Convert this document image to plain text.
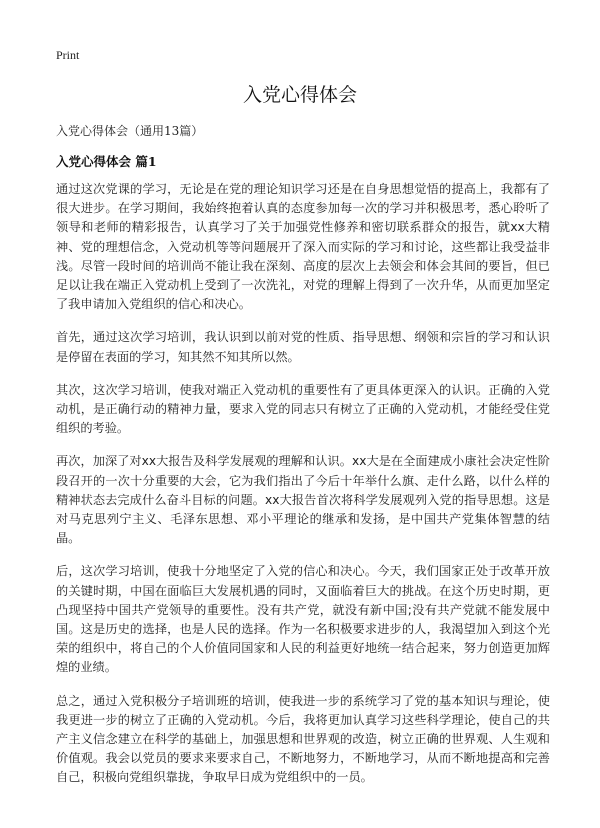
Print
入党心得体会
入党心得体会（通用13篇）
入党心得体会 篇1

通过这次党课的学习，无论是在党的理论知识学习还是在自身思想觉悟的提高上，我都有了很大进步。在学习期间，我始终抱着认真的态度参加每一次的学习并积极思考，悉心聆听了领导和老师的精彩报告，认真学习了关于加强党性修养和密切联系群众的报告，就xx大精神、党的理想信念，入党动机等等问题展开了深入而实际的学习和讨论，这些都让我受益非浅。尽管一段时间的培训尚不能让我在深刻、高度的层次上去领会和体会其间的要旨，但已足以让我在端正入党动机上受到了一次洗礼，对党的理解上得到了一次升华，从而更加坚定了我申请加入党组织的信心和决心。

首先，通过这次学习培训，我认识到以前对党的性质、指导思想、纲领和宗旨的学习和认识是停留在表面的学习，知其然不知其所以然。

其次，这次学习培训，使我对端正入党动机的重要性有了更具体更深入的认识。正确的入党动机，是正确行动的精神力量，要求入党的同志只有树立了正确的入党动机，才能经受住党组织的考验。

再次，加深了对xx大报告及科学发展观的理解和认识。xx大是在全面建成小康社会决定性阶段召开的一次十分重要的大会，它为我们指出了今后十年举什么旗、走什么路，以什么样的精神状态去完成什么奋斗目标的问题。xx大报告首次将科学发展观列入党的指导思想。这是对马克思列宁主义、毛泽东思想、邓小平理论的继承和发扬，是中国共产党集体智慧的结晶。

后，这次学习培训，使我十分地坚定了入党的信心和决心。今天，我们国家正处于改革开放的关键时期，中国在面临巨大发展机遇的同时，又面临着巨大的挑战。在这个历史时期，更凸现坚持中国共产党领导的重要性。没有共产党，就没有新中国;没有共产党就不能发展中国。这是历史的选择，也是人民的选择。作为一名积极要求进步的人，我渴望加入到这个光荣的组织中，将自己的个人价值同国家和人民的利益更好地统一结合起来，努力创造更加辉煌的业绩。

总之，通过入党积极分子培训班的培训，使我进一步的系统学习了党的基本知识与理论，使我更进一步的树立了正确的入党动机。今后，我将更加认真学习这些科学理论，使自己的共产主义信念建立在科学的基础上，加强思想和世界观的改造，树立正确的世界观、人生观和价值观。我会以党员的要求来要求自己，不断地努力，不断地学习，从而不断地提高和完善自己，积极向党组织靠拢，争取早日成为党组织中的一员。
